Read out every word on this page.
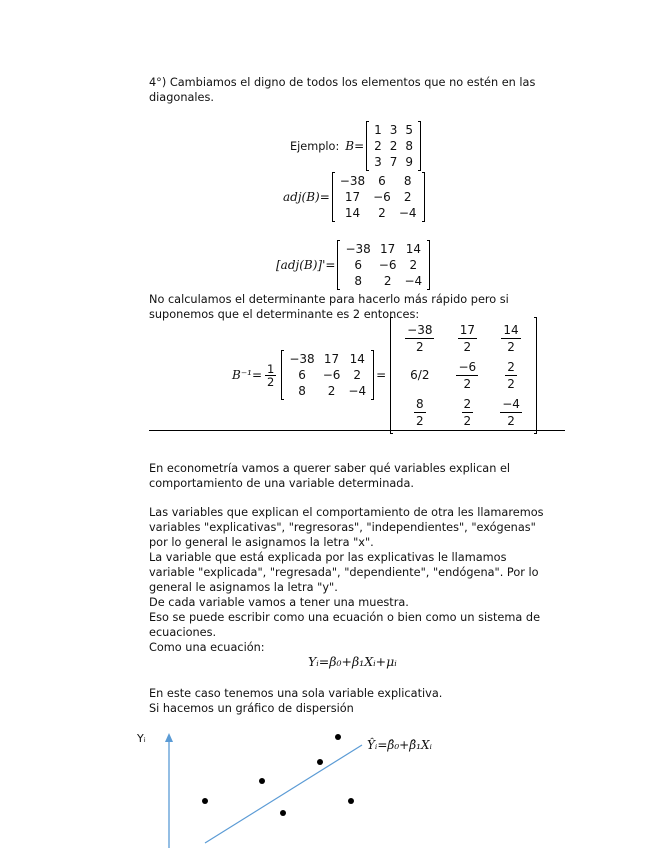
4°) Cambiamos el digno de todos los elementos que no estén en las
diagonales.
Ejemplo: B=
1 3 5
2 2 8
3 7 9
adj(B)=
−38	6	8
17	−6	2
14	2	−4
[adj(B)]'=
−38 17 14
6	−6	2
8	2	−4
No calculamos el determinante para hacerlo más rápido pero si
suponemos que el determinante es 2 entonces:
$B^{-1}= \frac{1}{2}$
−38 17 14
6	−6	2
8	2	−4
=
$\frac{-38}{2} \frac{17}{2} \frac{14}{2}$
6/2	$\frac{-6}{2} \frac{2}{2}$
$\frac{8}{2} \frac{2}{2} \frac{-4}{2}$
En econometría vamos a querer saber qué variables explican el
comportamiento de una variable determinada.
Las variables que explican el comportamiento de otra les llamaremos
variables "explicativas", "regresoras", "independientes", "exógenas"
por lo general le asignamos la letra "x".
La variable que está explicada por las explicativas le llamamos
variable "explicada", "regresada", "dependiente", "endógena". Por lo
general le asignamos la letra "y".
De cada variable vamos a tener una muestra.
Eso se puede escribir como una ecuación o bien como un sistema de
ecuaciones.
Como una ecuación:
Yᵢ=β₀+β₁Xᵢ+μᵢ
En este caso tenemos una sola variable explicativa.
Si hacemos un gráfico de dispersión
Yᵢ	Ŷᵢ=β̂₀+β̂₁Xᵢ
